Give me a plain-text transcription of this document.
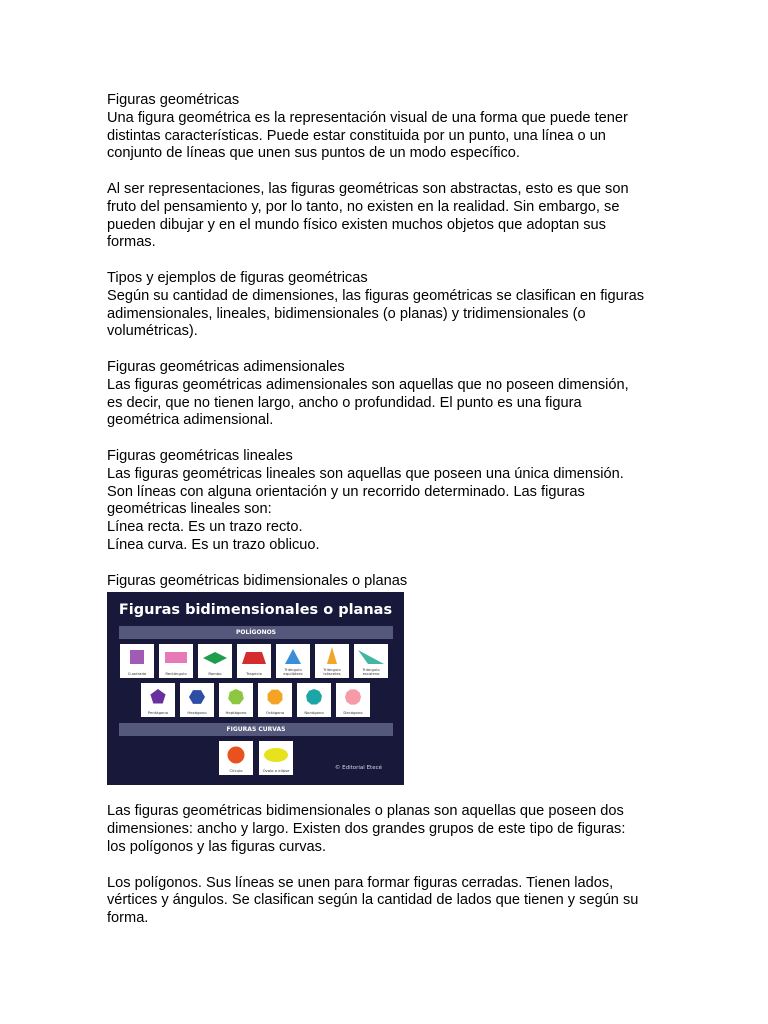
Figuras geométricas
Una figura geométrica es la representación visual de una forma que puede tener
distintas características. Puede estar constituida por un punto, una línea o un
conjunto de líneas que unen sus puntos de un modo específico.

Al ser representaciones, las figuras geométricas son abstractas, esto es que son
fruto del pensamiento y, por lo tanto, no existen en la realidad. Sin embargo, se
pueden dibujar y en el mundo físico existen muchos objetos que adoptan sus
formas.

Tipos y ejemplos de figuras geométricas
Según su cantidad de dimensiones, las figuras geométricas se clasifican en figuras
adimensionales, lineales, bidimensionales (o planas) y tridimensionales (o
volumétricas).

Figuras geométricas adimensionales
Las figuras geométricas adimensionales son aquellas que no poseen dimensión,
es decir, que no tienen largo, ancho o profundidad. El punto es una figura
geométrica adimensional.

Figuras geométricas lineales
Las figuras geométricas lineales son aquellas que poseen una única dimensión.
Son líneas con alguna orientación y un recorrido determinado. Las figuras
geométricas lineales son:
Línea recta. Es un trazo recto.
Línea curva. Es un trazo oblicuo.

Figuras geométricas bidimensionales o planas

Figuras bidimensionales o planas
POLÍGONOS
FIGURAS CURVAS
© Editorial Etecé
Cuadrado	Rectángulo	Rombo	Trapecio
Triángulo equilátero
Triángulo isósceles
Triángulo escaleno
Pentágono	Hexágono	Heptágono	Octágono	Nonágono	Decágono
Círculo	Óvalo o elipse

Las figuras geométricas bidimensionales o planas son aquellas que poseen dos
dimensiones: ancho y largo. Existen dos grandes grupos de este tipo de figuras:
los polígonos y las figuras curvas.

Los polígonos. Sus líneas se unen para formar figuras cerradas. Tienen lados,
vértices y ángulos. Se clasifican según la cantidad de lados que tienen y según su
forma.
